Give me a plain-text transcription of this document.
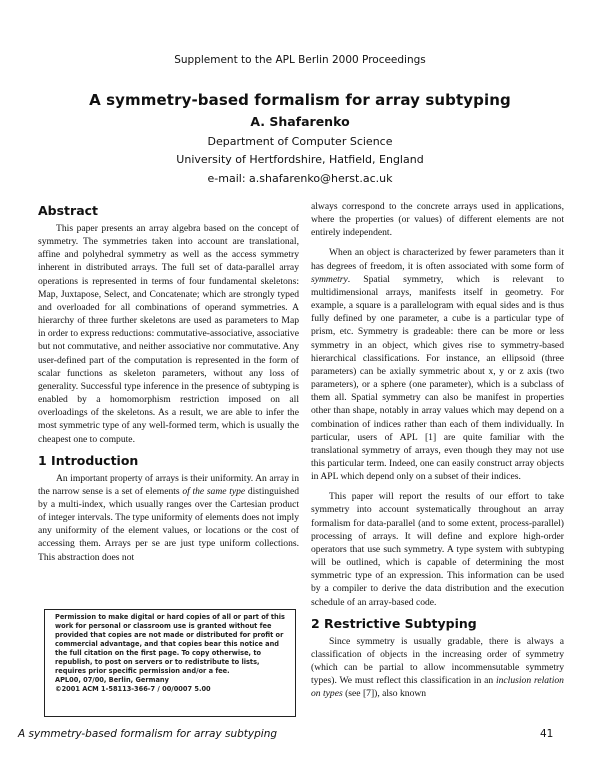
Supplement to the APL Berlin 2000 Proceedings
A symmetry-based formalism for array subtyping
A. Shafarenko
Department of Computer Science
University of Hertfordshire, Hatfield, England
e-mail: a.shafarenko@herst.ac.uk
Abstract

This paper presents an array algebra based on the concept of symmetry. The symmetries taken into account are translational, affine and polyhedral symmetry as well as the access symmetry inherent in distributed arrays. The full set of data-parallel array operations is represented in terms of four fundamental skeletons: Map, Juxtapose, Select, and Concatenate; which are strongly typed and overloaded for all combinations of operand symmetries. A hierarchy of three further skeletons are used as parameters to Map in order to express reductions: commutative-associative, associative but not commutative, and neither associative nor commutative. Any user-defined part of the computation is represented in the form of scalar functions as skeleton parameters, without any loss of generality. Successful type inference in the presence of subtyping is enabled by a homomorphism restriction imposed on all overloadings of the skeletons. As a result, we are able to infer the most symmetric type of any well-formed term, which is usually the cheapest one to compute.

1 Introduction

An important property of arrays is their uniformity. An array in the narrow sense is a set of elements of the same type distinguished by a multi-index, which usually ranges over the Cartesian product of integer intervals. The type uniformity of elements does not imply any uniformity of the element values, or locations or the cost of accessing them. Arrays per se are just type uniform collections. This abstraction does not

Permission to make digital or hard copies of all or part of this work for personal or classroom use is granted without fee provided that copies are not made or distributed for profit or commercial advantage, and that copies bear this notice and the full citation on the first page. To copy otherwise, to republish, to post on servers or to redistribute to lists, requires prior specific permission and/or a fee.
APL00, 07/00, Berlin, Germany
©2001 ACM 1-58113-366-7 / 00/0007 5.00

always correspond to the concrete arrays used in applications, where the properties (or values) of different elements are not entirely independent.

When an object is characterized by fewer parameters than it has degrees of freedom, it is often associated with some form of symmetry. Spatial symmetry, which is relevant to multidimensional arrays, manifests itself in geometry. For example, a square is a parallelogram with equal sides and is thus fully defined by one parameter, a cube is a particular type of prism, etc. Symmetry is gradeable: there can be more or less symmetry in an object, which gives rise to symmetry-based hierarchical classifications. For instance, an ellipsoid (three parameters) can be axially symmetric about x, y or z axis (two parameters), or a sphere (one parameter), which is a subclass of them all. Spatial symmetry can also be manifest in properties other than shape, notably in array values which may depend on a combination of indices rather than each of them individually. In particular, users of APL [1] are quite familiar with the translational symmetry of arrays, even though they may not use this particular term. Indeed, one can easily construct array objects in APL which depend only on a subset of their indices.

This paper will report the results of our effort to take symmetry into account systematically throughout an array formalism for data-parallel (and to some extent, process-parallel) processing of arrays. It will define and explore high-order operators that use such symmetry. A type system with subtyping will be outlined, which is capable of determining the most symmetric type of an expression. This information can be used by a compiler to derive the data distribution and the execution schedule of an array-based code.

2 Restrictive Subtyping

Since symmetry is usually gradable, there is always a classification of objects in the increasing order of symmetry (which can be partial to allow incommensutable symmetry types). We must reflect this classification in an inclusion relation on types (see [7]), also known

A symmetry-based formalism for array subtyping	41
